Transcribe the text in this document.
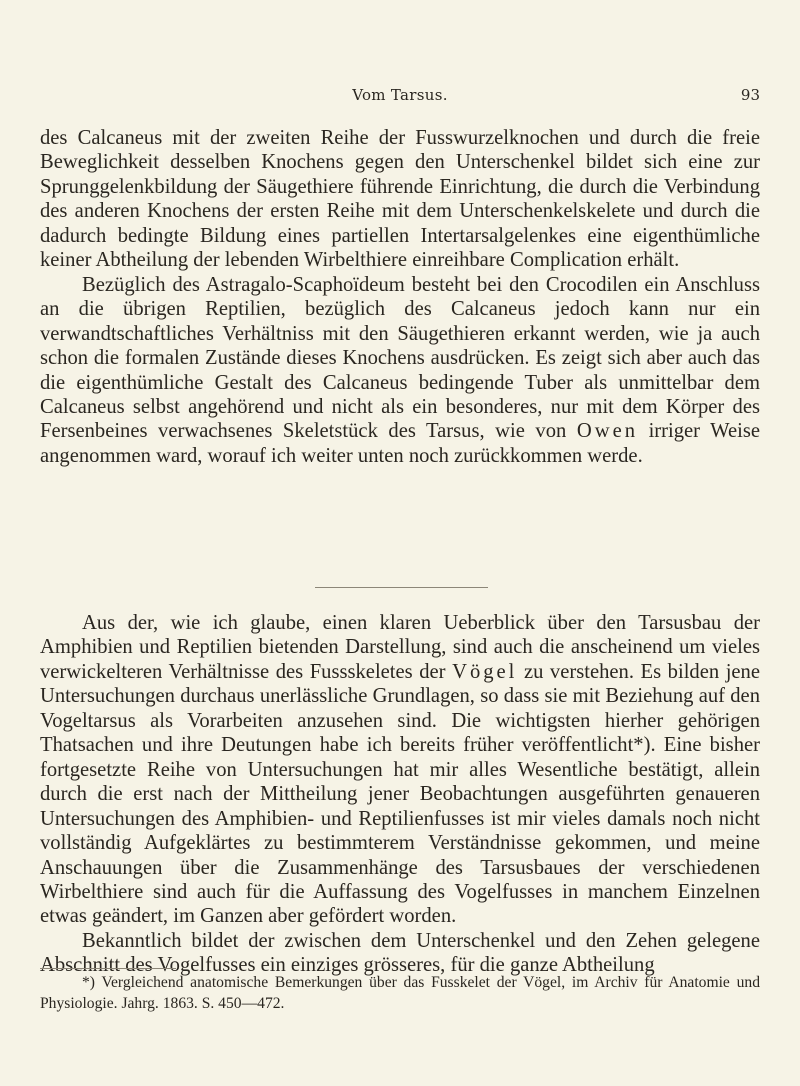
Vom Tarsus.	93

des Calcaneus mit der zweiten Reihe der Fusswurzelknochen und durch die freie Beweglichkeit desselben Knochens gegen den Unterschenkel bildet sich eine zur Sprunggelenkbildung der Säugethiere führende Einrichtung, die durch die Verbindung des anderen Knochens der ersten Reihe mit dem Unterschenkelskelete und durch die dadurch bedingte Bildung eines partiellen Intertarsalgelenkes eine eigenthümliche keiner Abtheilung der lebenden Wirbelthiere einreihbare Complication erhält.

Bezüglich des Astragalo-Scaphoïdeum besteht bei den Crocodilen ein Anschluss an die übrigen Reptilien, bezüglich des Calcaneus jedoch kann nur ein verwandtschaftliches Verhältniss mit den Säugethieren erkannt werden, wie ja auch schon die formalen Zustände dieses Knochens ausdrücken. Es zeigt sich aber auch das die eigenthümliche Gestalt des Calcaneus bedingende Tuber als unmittelbar dem Calcaneus selbst angehörend und nicht als ein besonderes, nur mit dem Körper des Fersenbeines verwachsenes Skeletstück des Tarsus, wie von Owen irriger Weise angenommen ward, worauf ich weiter unten noch zurückkommen werde.

Aus der, wie ich glaube, einen klaren Ueberblick über den Tarsusbau der Amphibien und Reptilien bietenden Darstellung, sind auch die anscheinend um vieles verwickelteren Verhältnisse des Fussskeletes der Vögel zu verstehen. Es bilden jene Untersuchungen durchaus unerlässliche Grundlagen, so dass sie mit Beziehung auf den Vogeltarsus als Vorarbeiten anzusehen sind. Die wichtigsten hierher gehörigen Thatsachen und ihre Deutungen habe ich bereits früher veröffentlicht*). Eine bisher fortgesetzte Reihe von Untersuchungen hat mir alles Wesentliche bestätigt, allein durch die erst nach der Mittheilung jener Beobachtungen ausgeführten genaueren Untersuchungen des Amphibien- und Reptilienfusses ist mir vieles damals noch nicht vollständig Aufgeklärtes zu bestimmterem Verständnisse gekommen, und meine Anschauungen über die Zusammenhänge des Tarsusbaues der verschiedenen Wirbelthiere sind auch für die Auffassung des Vogelfusses in manchem Einzelnen etwas geändert, im Ganzen aber gefördert worden.

Bekanntlich bildet der zwischen dem Unterschenkel und den Zehen gelegene Abschnitt des Vogelfusses ein einziges grösseres, für die ganze Abtheilung

*) Vergleichend anatomische Bemerkungen über das Fusskelet der Vögel, im Archiv für Anatomie und Physiologie. Jahrg. 1863. S. 450—472.
